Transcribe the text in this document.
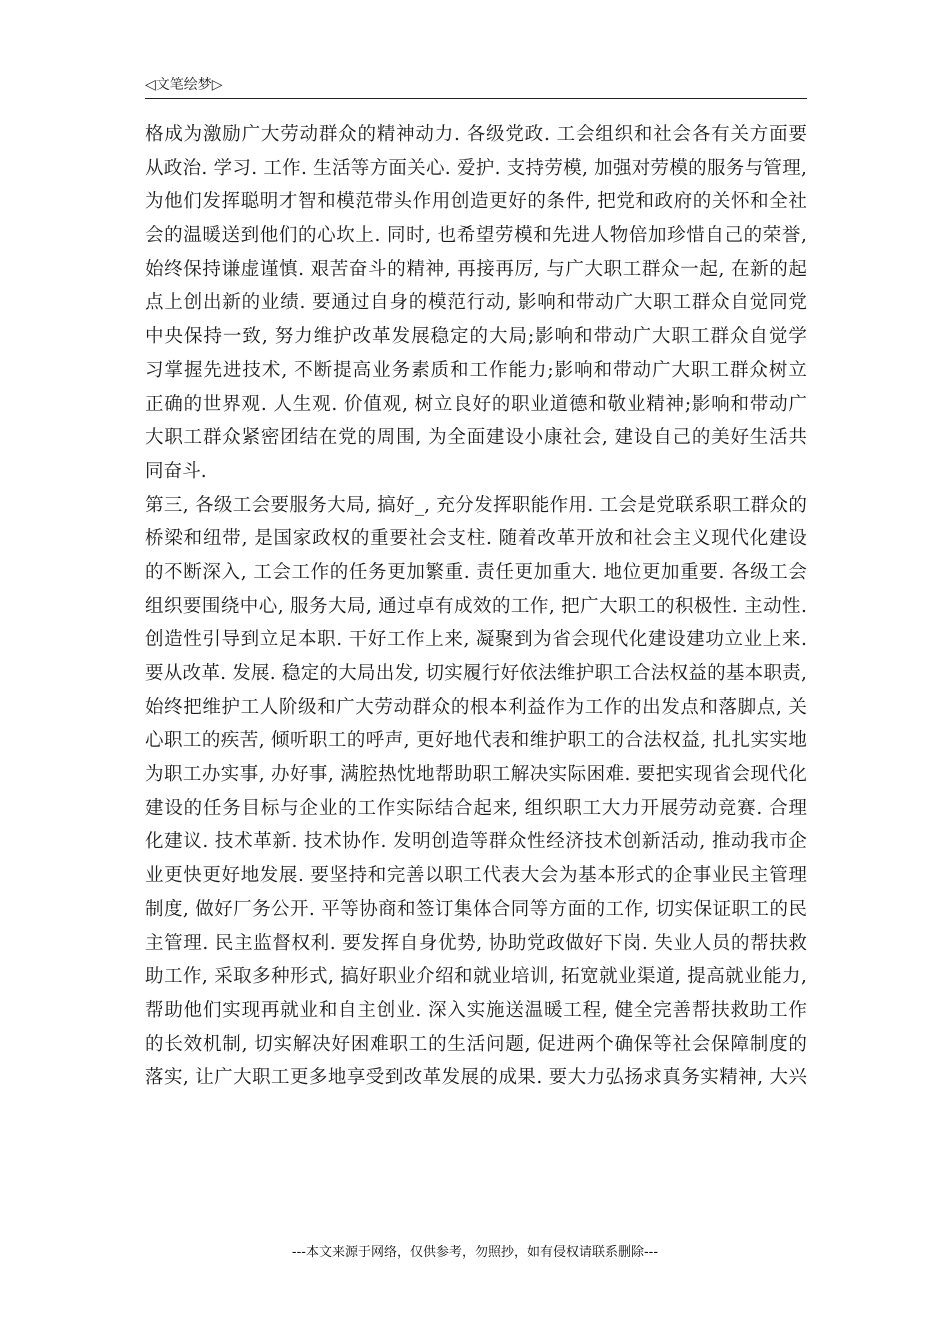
◁文笔绘梦▷
格成为激励广大劳动群众的精神动力. 各级党政. 工会组织和社会各有关方面要
从政治. 学习. 工作. 生活等方面关心. 爱护. 支持劳模, 加强对劳模的服务与管理,
为他们发挥聪明才智和模范带头作用创造更好的条件, 把党和政府的关怀和全社
会的温暖送到他们的心坎上. 同时, 也希望劳模和先进人物倍加珍惜自己的荣誉,
始终保持谦虚谨慎. 艰苦奋斗的精神, 再接再厉, 与广大职工群众一起, 在新的起
点上创出新的业绩. 要通过自身的模范行动, 影响和带动广大职工群众自觉同党
中央保持一致, 努力维护改革发展稳定的大局;影响和带动广大职工群众自觉学
习掌握先进技术, 不断提高业务素质和工作能力;影响和带动广大职工群众树立
正确的世界观. 人生观. 价值观, 树立良好的职业道德和敬业精神;影响和带动广
大职工群众紧密团结在党的周围, 为全面建设小康社会, 建设自己的美好生活共
同奋斗.
第三, 各级工会要服务大局, 搞好_, 充分发挥职能作用. 工会是党联系职工群众的
桥梁和纽带, 是国家政权的重要社会支柱. 随着改革开放和社会主义现代化建设
的不断深入, 工会工作的任务更加繁重. 责任更加重大. 地位更加重要. 各级工会
组织要围绕中心, 服务大局, 通过卓有成效的工作, 把广大职工的积极性. 主动性.
创造性引导到立足本职. 干好工作上来, 凝聚到为省会现代化建设建功立业上来.
要从改革. 发展. 稳定的大局出发, 切实履行好依法维护职工合法权益的基本职责,
始终把维护工人阶级和广大劳动群众的根本利益作为工作的出发点和落脚点, 关
心职工的疾苦, 倾听职工的呼声, 更好地代表和维护职工的合法权益, 扎扎实实地
为职工办实事, 办好事, 满腔热忱地帮助职工解决实际困难. 要把实现省会现代化
建设的任务目标与企业的工作实际结合起来, 组织职工大力开展劳动竞赛. 合理
化建议. 技术革新. 技术协作. 发明创造等群众性经济技术创新活动, 推动我市企
业更快更好地发展. 要坚持和完善以职工代表大会为基本形式的企事业民主管理
制度, 做好厂务公开. 平等协商和签订集体合同等方面的工作, 切实保证职工的民
主管理. 民主监督权利. 要发挥自身优势, 协助党政做好下岗. 失业人员的帮扶救
助工作, 采取多种形式, 搞好职业介绍和就业培训, 拓宽就业渠道, 提高就业能力,
帮助他们实现再就业和自主创业. 深入实施送温暖工程, 健全完善帮扶救助工作
的长效机制, 切实解决好困难职工的生活问题, 促进两个确保等社会保障制度的
落实, 让广大职工更多地享受到改革发展的成果. 要大力弘扬求真务实精神, 大兴
---本文来源于网络，仅供参考，勿照抄，如有侵权请联系删除---
